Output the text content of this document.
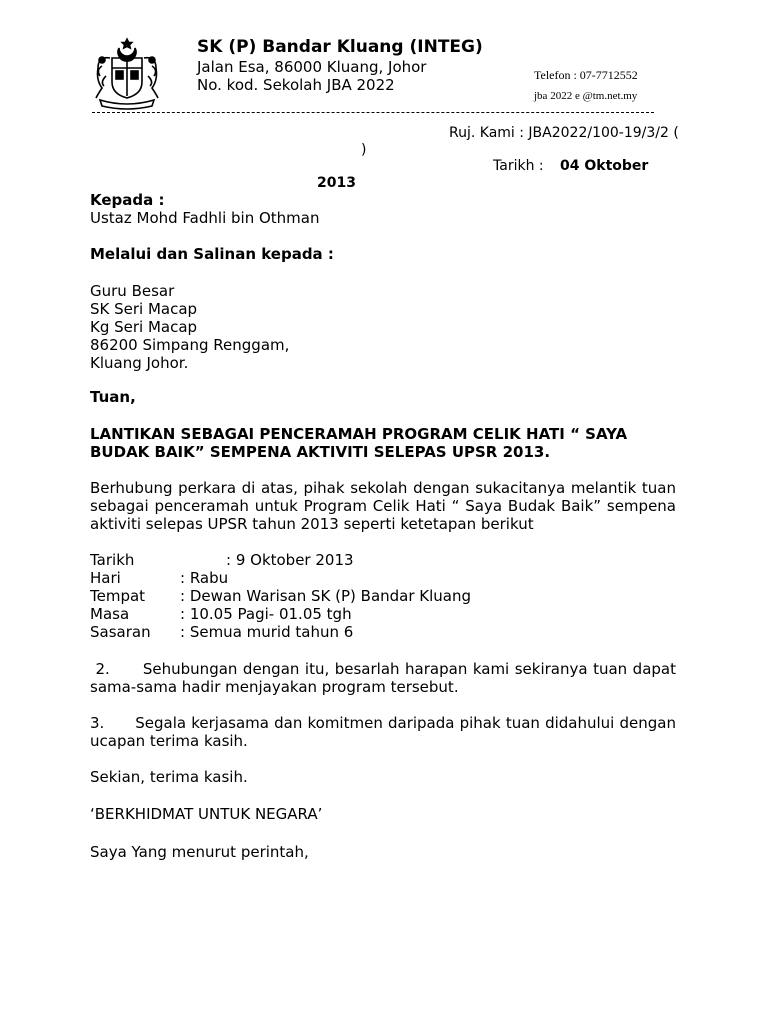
SK (P) Bandar Kluang (INTEG)
Jalan Esa, 86000 Kluang, Johor
No. kod. Sekolah JBA 2022
Telefon : 07-7712552
jba 2022 e @tm.net.my
Ruj. Kami : JBA2022/100-19/3/2 (
)
Tarikh : 04 Oktober
2013
Kepada :
Ustaz Mohd Fadhli bin Othman
Melalui dan Salinan kepada :
Guru Besar
SK Seri Macap
Kg Seri Macap
86200 Simpang Renggam,
Kluang Johor.
Tuan,
LANTIKAN SEBAGAI PENCERAMAH PROGRAM CELIK HATI “ SAYA BUDAK BAIK” SEMPENA AKTIVITI SELEPAS UPSR 2013.
Berhubung perkara di atas, pihak sekolah dengan sukacitanya melantik tuan sebagai penceramah untuk Program Celik Hati “ Saya Budak Baik” sempena aktiviti selepas UPSR tahun 2013 seperti ketetapan berikut
Tarikh	: 9 Oktober 2013
Hari	: Rabu
Tempat : Dewan Warisan SK (P) Bandar Kluang
Masa	: 10.05 Pagi- 01.05 tgh
Sasaran : Semua murid tahun 6
2.      Sehubungan dengan itu, besarlah harapan kami sekiranya tuan dapat sama-sama hadir menjayakan program tersebut.
3.      Segala kerjasama dan komitmen daripada pihak tuan didahului dengan ucapan terima kasih.
Sekian, terima kasih.
‘BERKHIDMAT UNTUK NEGARA’
Saya Yang menurut perintah,
